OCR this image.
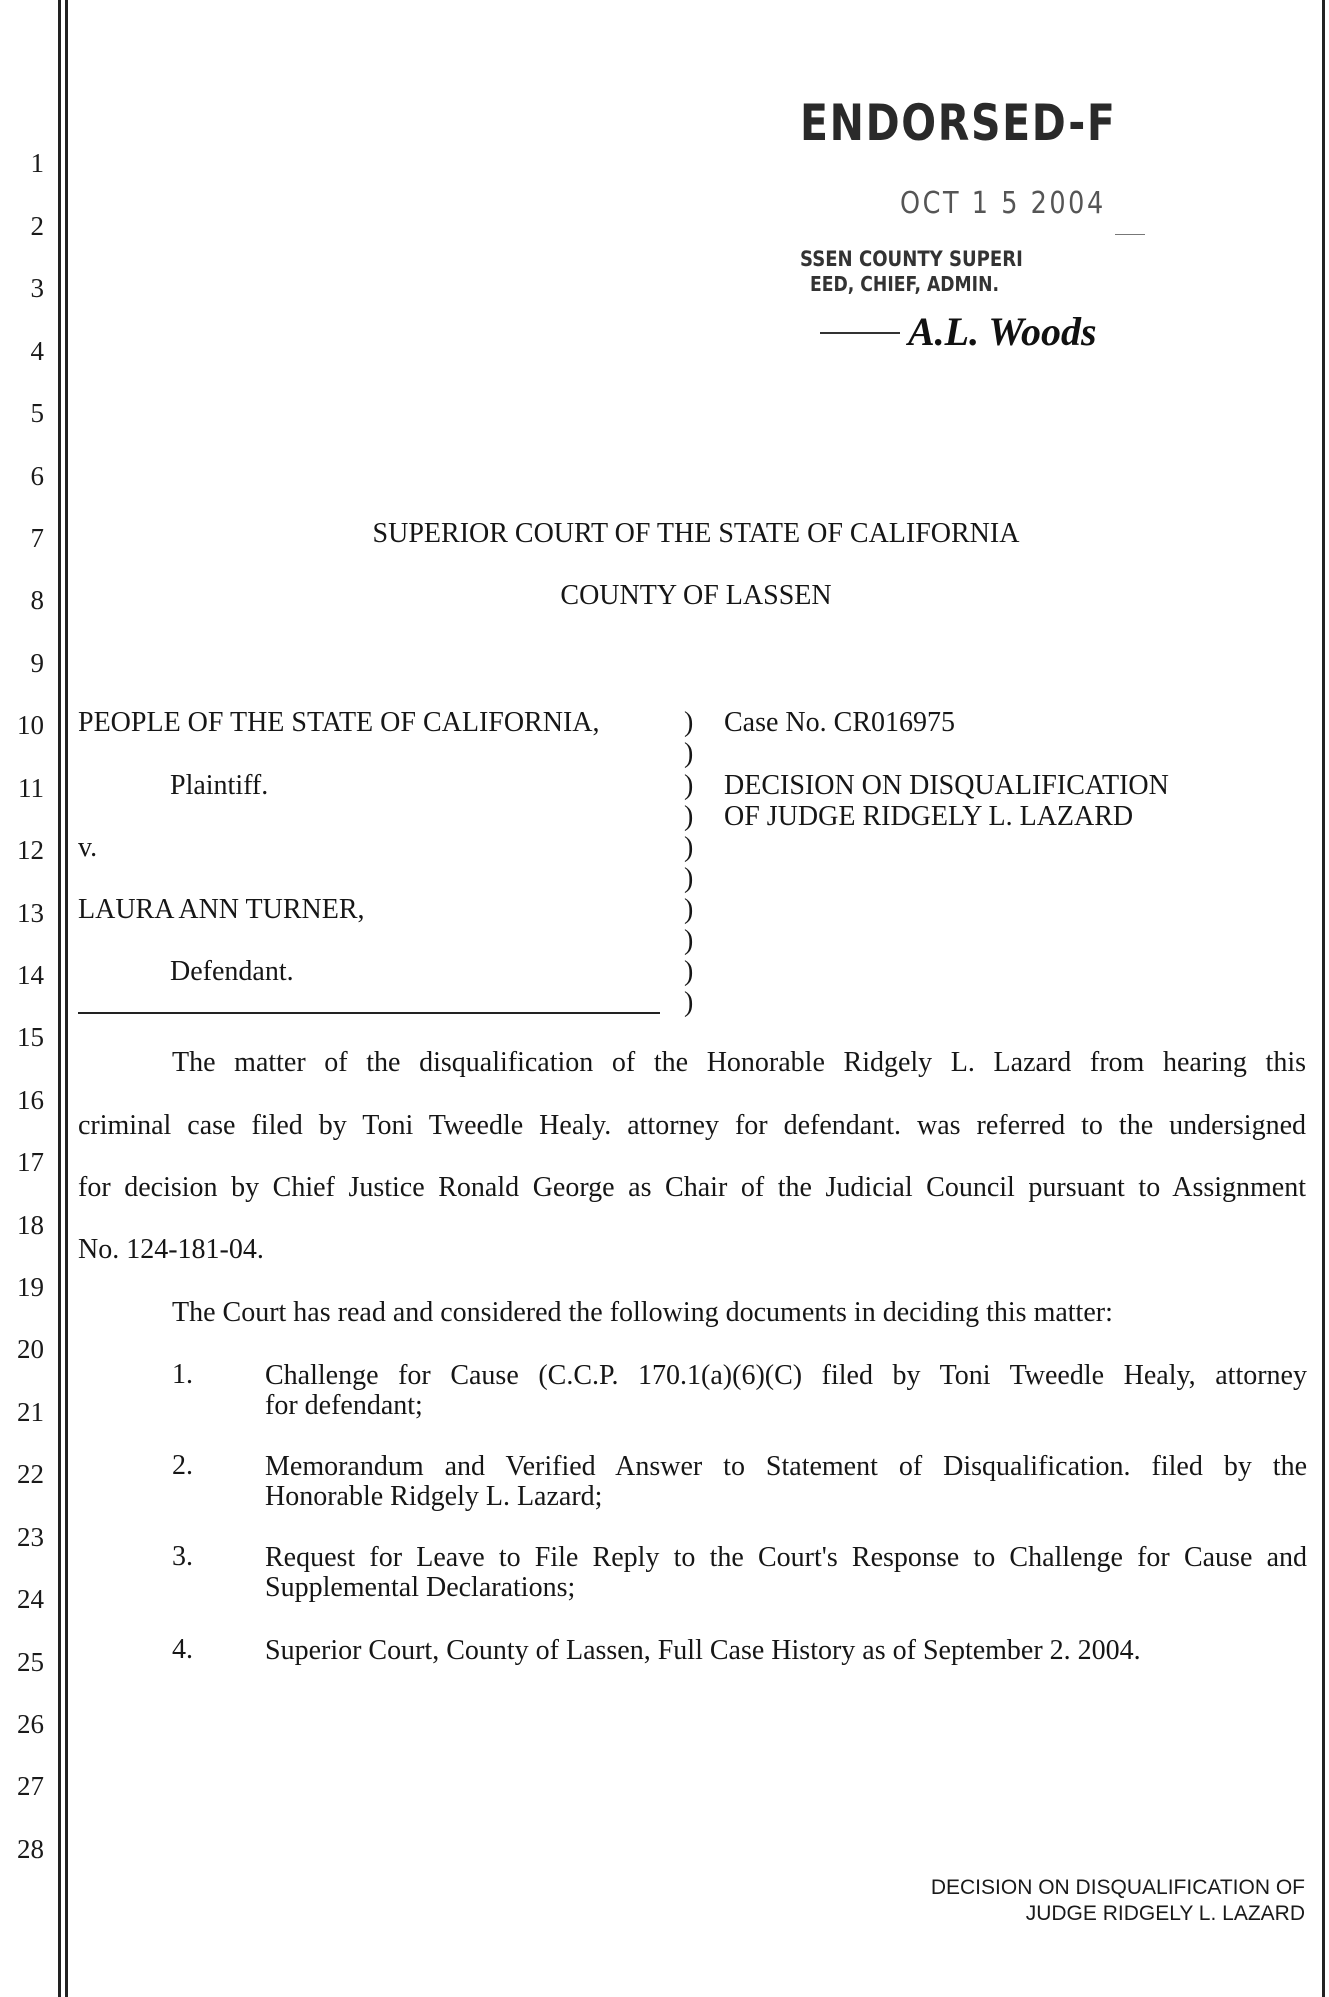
1
2
3
4
5
6
7
8
9
10
11
12
13
14
15
16
17
18
19
20
21
22
23
24
25
26
27
28
ENDORSED-F
OCT 1 5 2004
SSEN COUNTY SUPERI
EED, CHIEF, ADMIN.
A.L. Woods
SUPERIOR COURT OF THE STATE OF CALIFORNIA
COUNTY OF LASSEN
PEOPLE OF THE STATE OF CALIFORNIA,
Plaintiff.
v.
LAURA ANN TURNER,
Defendant.
)
)
)
)
)
)
)
)
)
)
Case No. CR016975
DECISION ON DISQUALIFICATION
OF JUDGE RIDGELY L. LAZARD
The matter of the disqualification of the Honorable Ridgely L. Lazard from hearing this
criminal case filed by Toni Tweedle Healy. attorney for defendant. was referred to the undersigned
for decision by Chief Justice Ronald George as Chair of the Judicial Council pursuant to Assignment
No. 124-181-04.
The Court has read and considered the following documents in deciding this matter:
1.	Challenge for Cause (C.C.P. 170.1(a)(6)(C) filed by Toni Tweedle Healy, attorney
for defendant;
2.	Memorandum and Verified Answer to Statement of Disqualification. filed by the
Honorable Ridgely L. Lazard;
3.	Request for Leave to File Reply to the Court's Response to Challenge for Cause and
Supplemental Declarations;
4.	Superior Court, County of Lassen, Full Case History as of September 2. 2004.
DECISION ON DISQUALIFICATION OF
JUDGE RIDGELY L. LAZARD
